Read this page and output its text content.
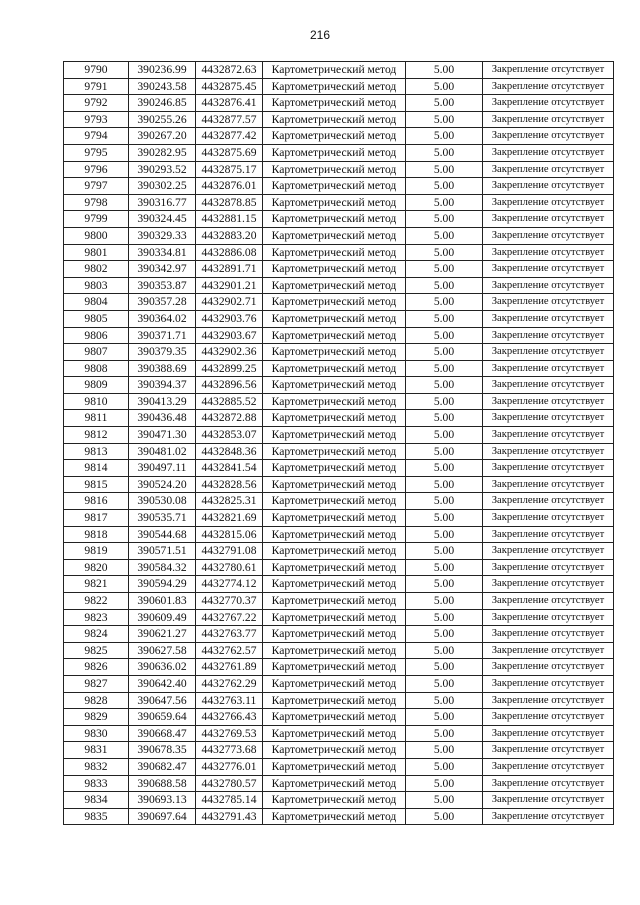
216
9790	390236.99	4432872.63	Картометрический метод	5.00	Закрепление отсутствует
9791	390243.58	4432875.45	Картометрический метод	5.00	Закрепление отсутствует
9792	390246.85	4432876.41	Картометрический метод	5.00	Закрепление отсутствует
9793	390255.26	4432877.57	Картометрический метод	5.00	Закрепление отсутствует
9794	390267.20	4432877.42	Картометрический метод	5.00	Закрепление отсутствует
9795	390282.95	4432875.69	Картометрический метод	5.00	Закрепление отсутствует
9796	390293.52	4432875.17	Картометрический метод	5.00	Закрепление отсутствует
9797	390302.25	4432876.01	Картометрический метод	5.00	Закрепление отсутствует
9798	390316.77	4432878.85	Картометрический метод	5.00	Закрепление отсутствует
9799	390324.45	4432881.15	Картометрический метод	5.00	Закрепление отсутствует
9800	390329.33	4432883.20	Картометрический метод	5.00	Закрепление отсутствует
9801	390334.81	4432886.08	Картометрический метод	5.00	Закрепление отсутствует
9802	390342.97	4432891.71	Картометрический метод	5.00	Закрепление отсутствует
9803	390353.87	4432901.21	Картометрический метод	5.00	Закрепление отсутствует
9804	390357.28	4432902.71	Картометрический метод	5.00	Закрепление отсутствует
9805	390364.02	4432903.76	Картометрический метод	5.00	Закрепление отсутствует
9806	390371.71	4432903.67	Картометрический метод	5.00	Закрепление отсутствует
9807	390379.35	4432902.36	Картометрический метод	5.00	Закрепление отсутствует
9808	390388.69	4432899.25	Картометрический метод	5.00	Закрепление отсутствует
9809	390394.37	4432896.56	Картометрический метод	5.00	Закрепление отсутствует
9810	390413.29	4432885.52	Картометрический метод	5.00	Закрепление отсутствует
9811	390436.48	4432872.88	Картометрический метод	5.00	Закрепление отсутствует
9812	390471.30	4432853.07	Картометрический метод	5.00	Закрепление отсутствует
9813	390481.02	4432848.36	Картометрический метод	5.00	Закрепление отсутствует
9814	390497.11	4432841.54	Картометрический метод	5.00	Закрепление отсутствует
9815	390524.20	4432828.56	Картометрический метод	5.00	Закрепление отсутствует
9816	390530.08	4432825.31	Картометрический метод	5.00	Закрепление отсутствует
9817	390535.71	4432821.69	Картометрический метод	5.00	Закрепление отсутствует
9818	390544.68	4432815.06	Картометрический метод	5.00	Закрепление отсутствует
9819	390571.51	4432791.08	Картометрический метод	5.00	Закрепление отсутствует
9820	390584.32	4432780.61	Картометрический метод	5.00	Закрепление отсутствует
9821	390594.29	4432774.12	Картометрический метод	5.00	Закрепление отсутствует
9822	390601.83	4432770.37	Картометрический метод	5.00	Закрепление отсутствует
9823	390609.49	4432767.22	Картометрический метод	5.00	Закрепление отсутствует
9824	390621.27	4432763.77	Картометрический метод	5.00	Закрепление отсутствует
9825	390627.58	4432762.57	Картометрический метод	5.00	Закрепление отсутствует
9826	390636.02	4432761.89	Картометрический метод	5.00	Закрепление отсутствует
9827	390642.40	4432762.29	Картометрический метод	5.00	Закрепление отсутствует
9828	390647.56	4432763.11	Картометрический метод	5.00	Закрепление отсутствует
9829	390659.64	4432766.43	Картометрический метод	5.00	Закрепление отсутствует
9830	390668.47	4432769.53	Картометрический метод	5.00	Закрепление отсутствует
9831	390678.35	4432773.68	Картометрический метод	5.00	Закрепление отсутствует
9832	390682.47	4432776.01	Картометрический метод	5.00	Закрепление отсутствует
9833	390688.58	4432780.57	Картометрический метод	5.00	Закрепление отсутствует
9834	390693.13	4432785.14	Картометрический метод	5.00	Закрепление отсутствует
9835	390697.64	4432791.43	Картометрический метод	5.00	Закрепление отсутствует
